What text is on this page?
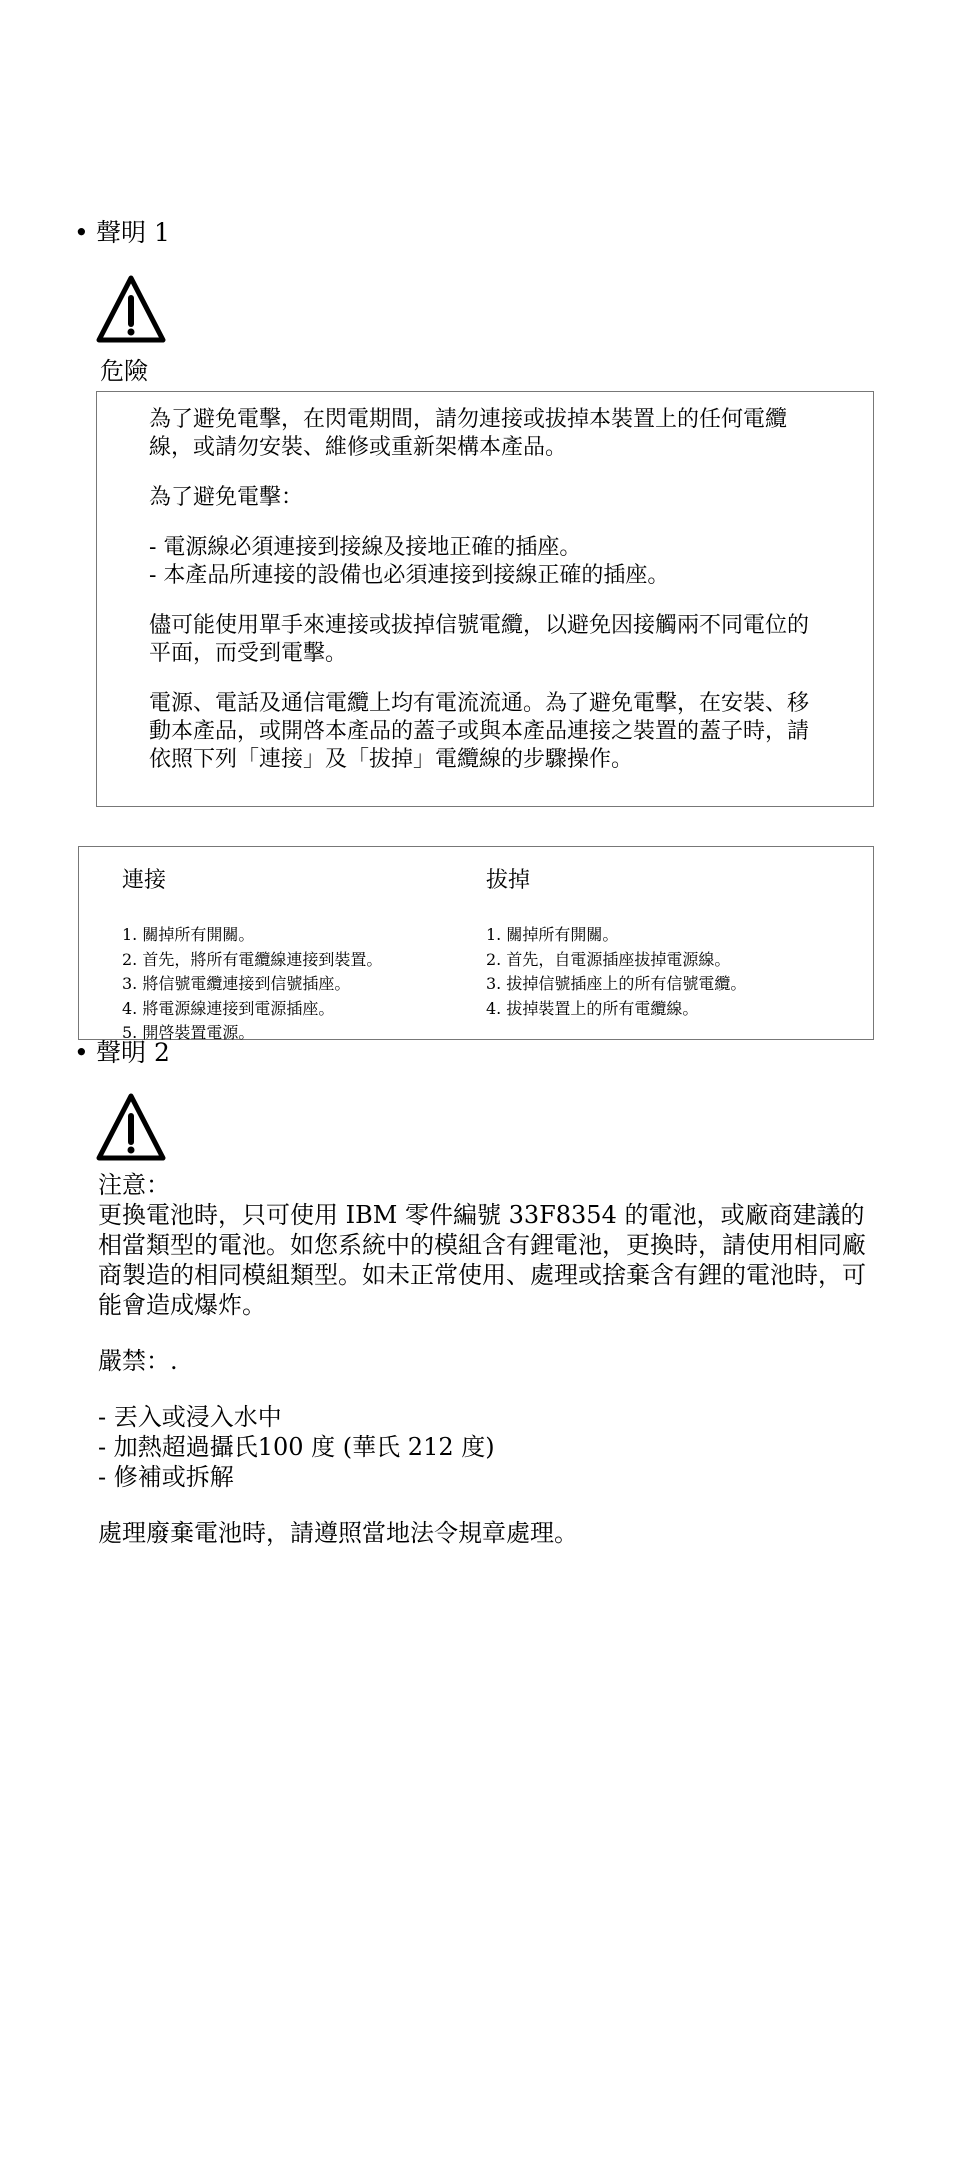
• 聲明 1
危險

為了避免電擊，在閃電期間，請勿連接或拔掉本裝置上的任何電纜線，或請勿安裝、維修或重新架構本產品。

為了避免電擊：

- 電源線必須連接到接線及接地正確的插座。
- 本產品所連接的設備也必須連接到接線正確的插座。

儘可能使用單手來連接或拔掉信號電纜，以避免因接觸兩不同電位的平面，而受到電擊。

電源、電話及通信電纜上均有電流流通。為了避免電擊，在安裝、移動本產品，或開啓本產品的蓋子或與本產品連接之裝置的蓋子時，請依照下列「連接」及「拔掉」電纜線的步驟操作。

連接
1. 關掉所有開關。
2. 首先，將所有電纜線連接到裝置。
3. 將信號電纜連接到信號插座。
4. 將電源線連接到電源插座。
5. 開啓裝置電源。
拔掉
1. 關掉所有開關。
2. 首先，自電源插座拔掉電源線。
3. 拔掉信號插座上的所有信號電纜。
4. 拔掉裝置上的所有電纜線。
• 聲明 2
注意：

更換電池時，只可使用 IBM 零件編號 33F8354 的電池，或廠商建議的相當類型的電池。如您系統中的模組含有鋰電池，更換時，請使用相同廠商製造的相同模組類型。如未正常使用、處理或捨棄含有鋰的電池時，可能會造成爆炸。

嚴禁：.

- 丟入或浸入水中
- 加熱超過攝氏100 度 (華氏 212 度)
- 修補或拆解

處理廢棄電池時，請遵照當地法令規章處理。
